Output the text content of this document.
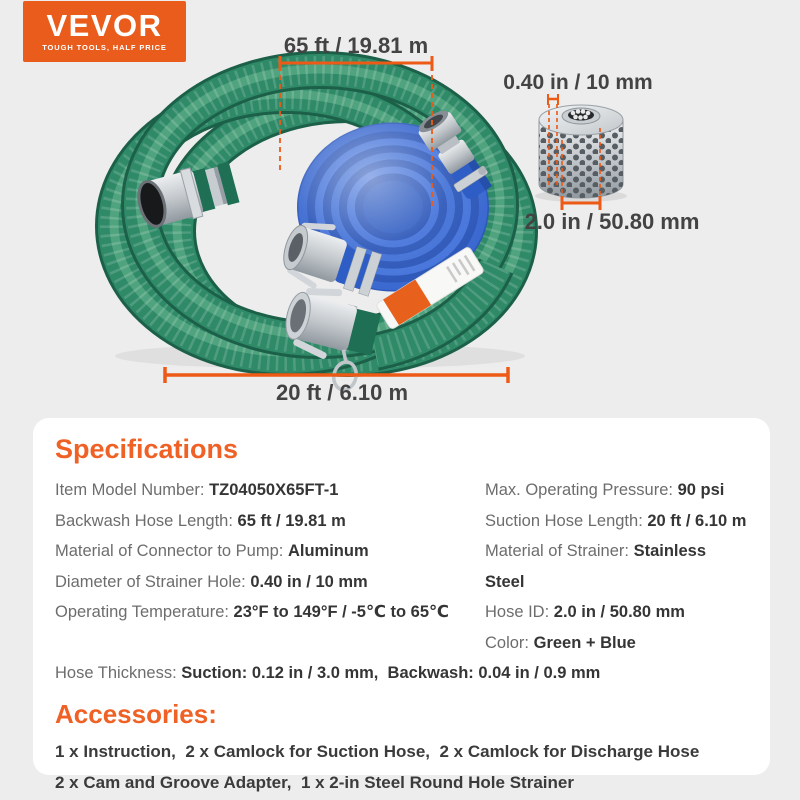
VEVOR
TOUGH TOOLS, HALF PRICE	65 ft / 19.81 m
0.40 in / 10 mm
2.0 in / 50.80 mm
20 ft / 6.10 m
Specifications
Item Model Number: TZ04050X65FT-1
Backwash Hose Length: 65 ft / 19.81 m
Material of Connector to Pump: Aluminum
Diameter of Strainer Hole: 0.40 in / 10 mm
Operating Temperature: 23°F to 149°F / -5℃ to 65℃
Max. Operating Pressure: 90 psi
Suction Hose Length: 20 ft / 6.10 m
Material of Strainer: Stainless Steel
Hose ID: 2.0 in / 50.80 mm
Color: Green + Blue
Hose Thickness: Suction: 0.12 in / 3.0 mm,  Backwash: 0.04 in / 0.9 mm
Accessories:
1 x Instruction,  2 x Camlock for Suction Hose,  2 x Camlock for Discharge Hose
2 x Cam and Groove Adapter,  1 x 2-in Steel Round Hole Strainer
